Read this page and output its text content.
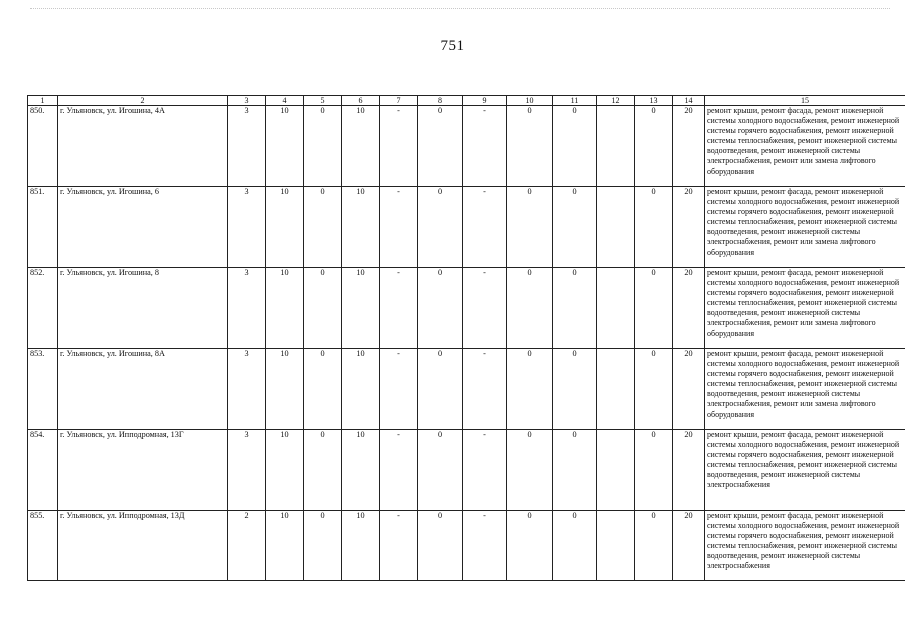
751
1	2	3	4	5	6	7	8	9	10	11	12	13	14	15
850.	г. Ульяновск, ул. Игошина, 4А	3	10	0	10	-	0	-	0	0		0	20	ремонт крыши, ремонт фасада, ремонт инженерной системы холодного водоснабжения, ремонт инженерной системы горячего водоснабжения, ремонт инженерной системы теплоснабжения, ремонт инженерной системы водоотведения, ремонт инженерной системы электроснабжения, ремонт или замена лифтового оборудования
851.	г. Ульяновск, ул. Игошина, 6	3	10	0	10	-	0	-	0	0		0	20	ремонт крыши, ремонт фасада, ремонт инженерной системы холодного водоснабжения, ремонт инженерной системы горячего водоснабжения, ремонт инженерной системы теплоснабжения, ремонт инженерной системы водоотведения, ремонт инженерной системы электроснабжения, ремонт или замена лифтового оборудования
852.	г. Ульяновск, ул. Игошина, 8	3	10	0	10	-	0	-	0	0		0	20	ремонт крыши, ремонт фасада, ремонт инженерной системы холодного водоснабжения, ремонт инженерной системы горячего водоснабжения, ремонт инженерной системы теплоснабжения, ремонт инженерной системы водоотведения, ремонт инженерной системы электроснабжения, ремонт или замена лифтового оборудования
853.	г. Ульяновск, ул. Игошина, 8А	3	10	0	10	-	0	-	0	0		0	20	ремонт крыши, ремонт фасада, ремонт инженерной системы холодного водоснабжения, ремонт инженерной системы горячего водоснабжения, ремонт инженерной системы теплоснабжения, ремонт инженерной системы водоотведения, ремонт инженерной системы электроснабжения, ремонт или замена лифтового оборудования
854.	г. Ульяновск, ул. Ипподромная, 13Г	3	10	0	10	-	0	-	0	0		0	20	ремонт крыши, ремонт фасада, ремонт инженерной системы холодного водоснабжения, ремонт инженерной системы горячего водоснабжения, ремонт инженерной системы теплоснабжения, ремонт инженерной системы водоотведения, ремонт инженерной системы электроснабжения
855.	г. Ульяновск, ул. Ипподромная, 13Д	2	10	0	10	-	0	-	0	0		0	20	ремонт крыши, ремонт фасада, ремонт инженерной системы холодного водоснабжения, ремонт инженерной системы горячего водоснабжения, ремонт инженерной системы теплоснабжения, ремонт инженерной системы водоотведения, ремонт инженерной системы электроснабжения
